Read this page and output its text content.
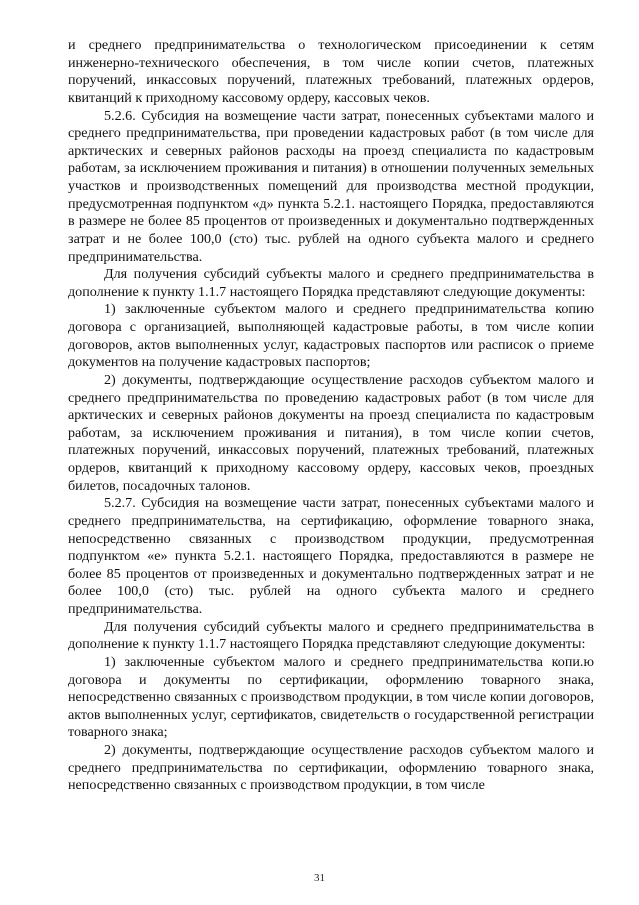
и среднего предпринимательства о технологическом присоединении к сетям инженерно-технического обеспечения, в том числе копии счетов, платежных поручений, инкассовых поручений, платежных требований, платежных ордеров, квитанций к приходному кассовому ордеру, кассовых чеков.

5.2.6. Субсидия на возмещение части затрат, понесенных субъектами малого и среднего предпринимательства, при проведении кадастровых работ (в том числе для арктических и северных районов расходы на проезд специалиста по кадастровым работам, за исключением проживания и питания) в отношении полученных земельных участков и производственных помещений для производства местной продукции, предусмотренная подпунктом «д» пункта 5.2.1. настоящего Порядка, предоставляются в размере не более 85 процентов от произведенных и документально подтвержденных затрат и не более 100,0 (сто) тыс. рублей на одного субъекта малого и среднего предпринимательства.

Для получения субсидий субъекты малого и среднего предпринимательства в дополнение к пункту 1.1.7 настоящего Порядка представляют следующие документы:

1) заключенные субъектом малого и среднего предпринимательства копию договора с организацией, выполняющей кадастровые работы, в том числе копии договоров, актов выполненных услуг, кадастровых паспортов или расписок о приеме документов на получение кадастровых паспортов;

2) документы, подтверждающие осуществление расходов субъектом малого и среднего предпринимательства по проведению кадастровых работ (в том числе для арктических и северных районов документы на проезд специалиста по кадастровым работам, за исключением проживания и питания), в том числе копии счетов, платежных поручений, инкассовых поручений, платежных требований, платежных ордеров, квитанций к приходному кассовому ордеру, кассовых чеков, проездных билетов, посадочных талонов.

5.2.7. Субсидия на возмещение части затрат, понесенных субъектами малого и среднего предпринимательства, на сертификацию, оформление товарного знака, непосредственно связанных с производством продукции, предусмотренная подпунктом «е» пункта 5.2.1. настоящего Порядка, предоставляются в размере не более 85 процентов от произведенных и документально подтвержденных затрат и не более 100,0 (сто) тыс. рублей на одного субъекта малого и среднего предпринимательства.

Для получения субсидий субъекты малого и среднего предпринимательства в дополнение к пункту 1.1.7 настоящего Порядка представляют следующие документы:

1) заключенные субъектом малого и среднего предпринимательства копи.ю договора и документы по сертификации, оформлению товарного знака, непосредственно связанных с производством продукции, в том числе копии договоров, актов выполненных услуг, сертификатов, свидетельств о государственной регистрации товарного знака;

2) документы, подтверждающие осуществление расходов субъектом малого и среднего предпринимательства по сертификации, оформлению товарного знака, непосредственно связанных с производством продукции, в том числе

31
